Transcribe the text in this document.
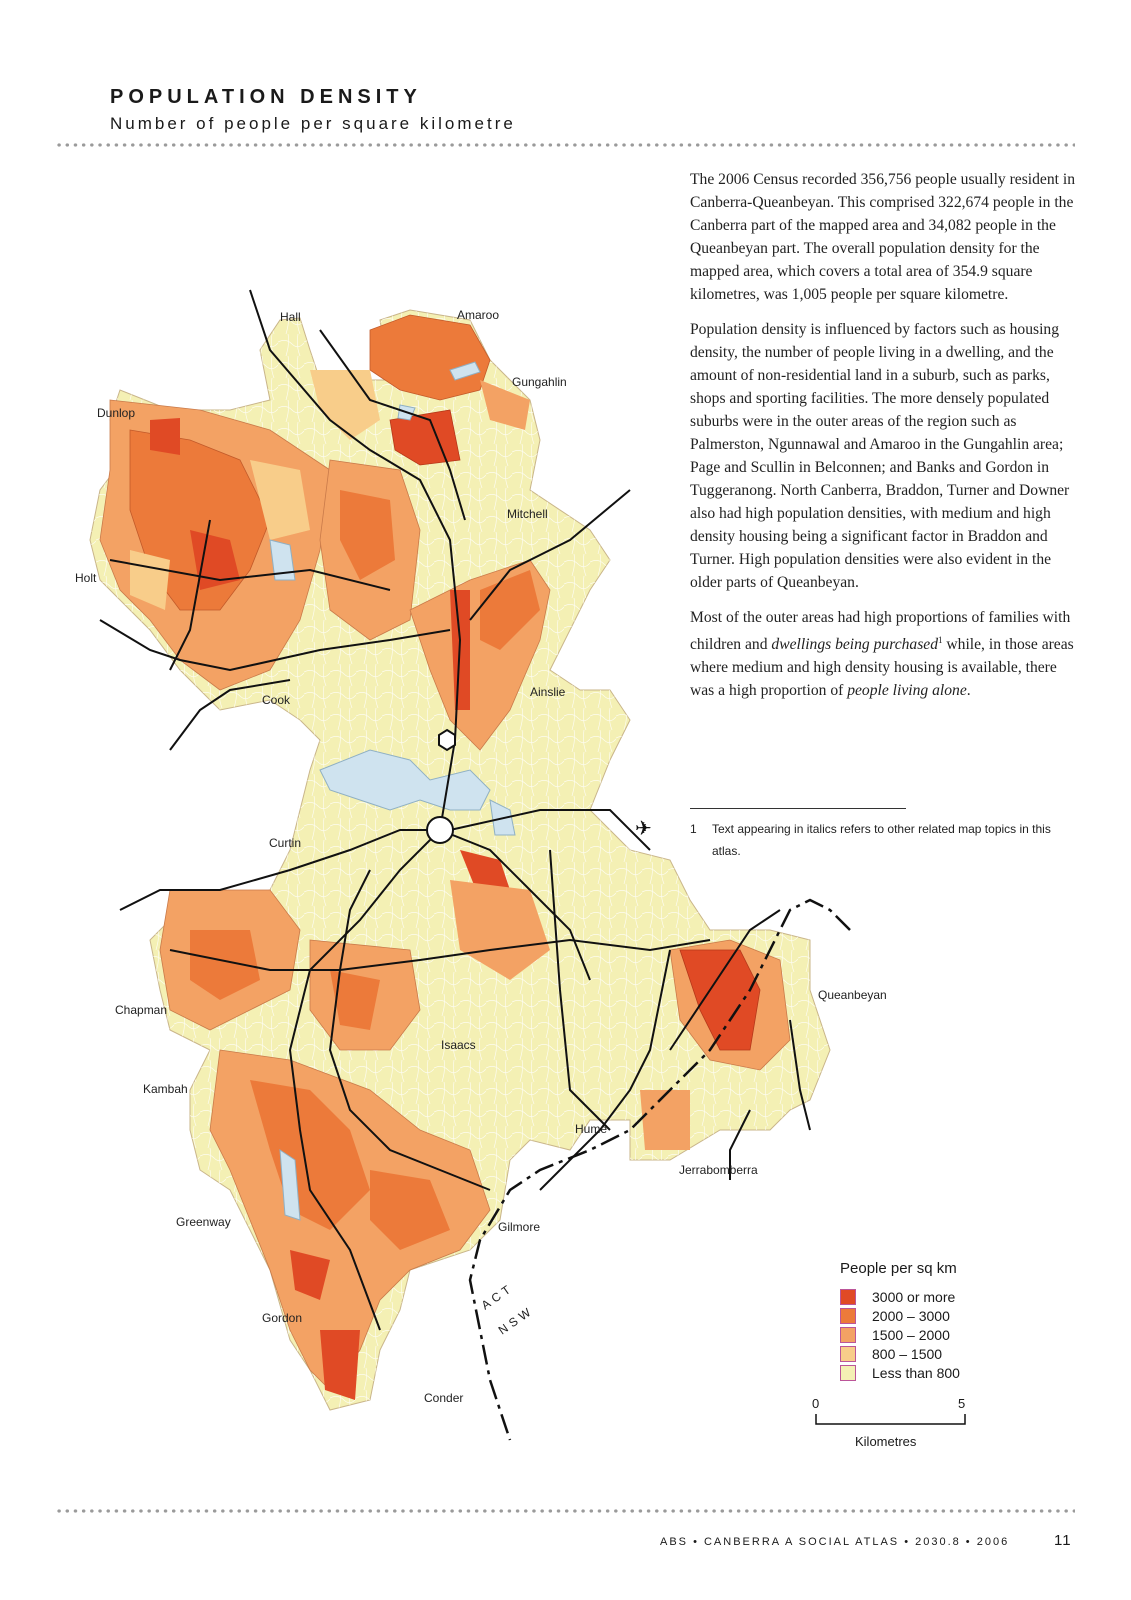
POPULATION DENSITY
Number of people per square kilometre

The 2006 Census recorded 356,756 people usually resident in Canberra-Queanbeyan. This comprised 322,674 people in the Canberra part of the mapped area and 34,082 people in the Queanbeyan part. The overall population density for the mapped area, which covers a total area of 354.9 square kilometres, was 1,005 people per square kilometre.

Population density is influenced by factors such as housing density, the number of people living in a dwelling, and the amount of non-residential land in a suburb, such as parks, shops and sporting facilities. The more densely populated suburbs were in the outer areas of the region such as Palmerston, Ngunnawal and Amaroo in the Gungahlin area; Page and Scullin in Belconnen; and Banks and Gordon in Tuggeranong. North Canberra, Braddon, Turner and Downer also had high population densities, with medium and high density housing being a significant factor in Braddon and Turner. High population densities were also evident in the older parts of Queanbeyan.

Most of the outer areas had high proportions of families with children and dwellings being purchased$^1$ while, in those areas where medium and high density housing is available, there was a high proportion of people living alone.

1 Text appearing in italics refers to other related map topics in this atlas.
✈
Hall	Amaroo
Gungahlin
Dunlop
Mitchell
Holt
Cook
Ainslie
Curtin
Chapman
Isaacs
Queanbeyan
Kambah
Hume
Jerrabomberra
Greenway	Gilmore
Gordon
Conder
ACT
NSW
People per sq km
3000 or more
2000 – 3000
1500 – 2000
800 – 1500
Less than 800
0	5
Kilometres
ABS • CANBERRA A SOCIAL ATLAS • 2030.8 • 2006	11
